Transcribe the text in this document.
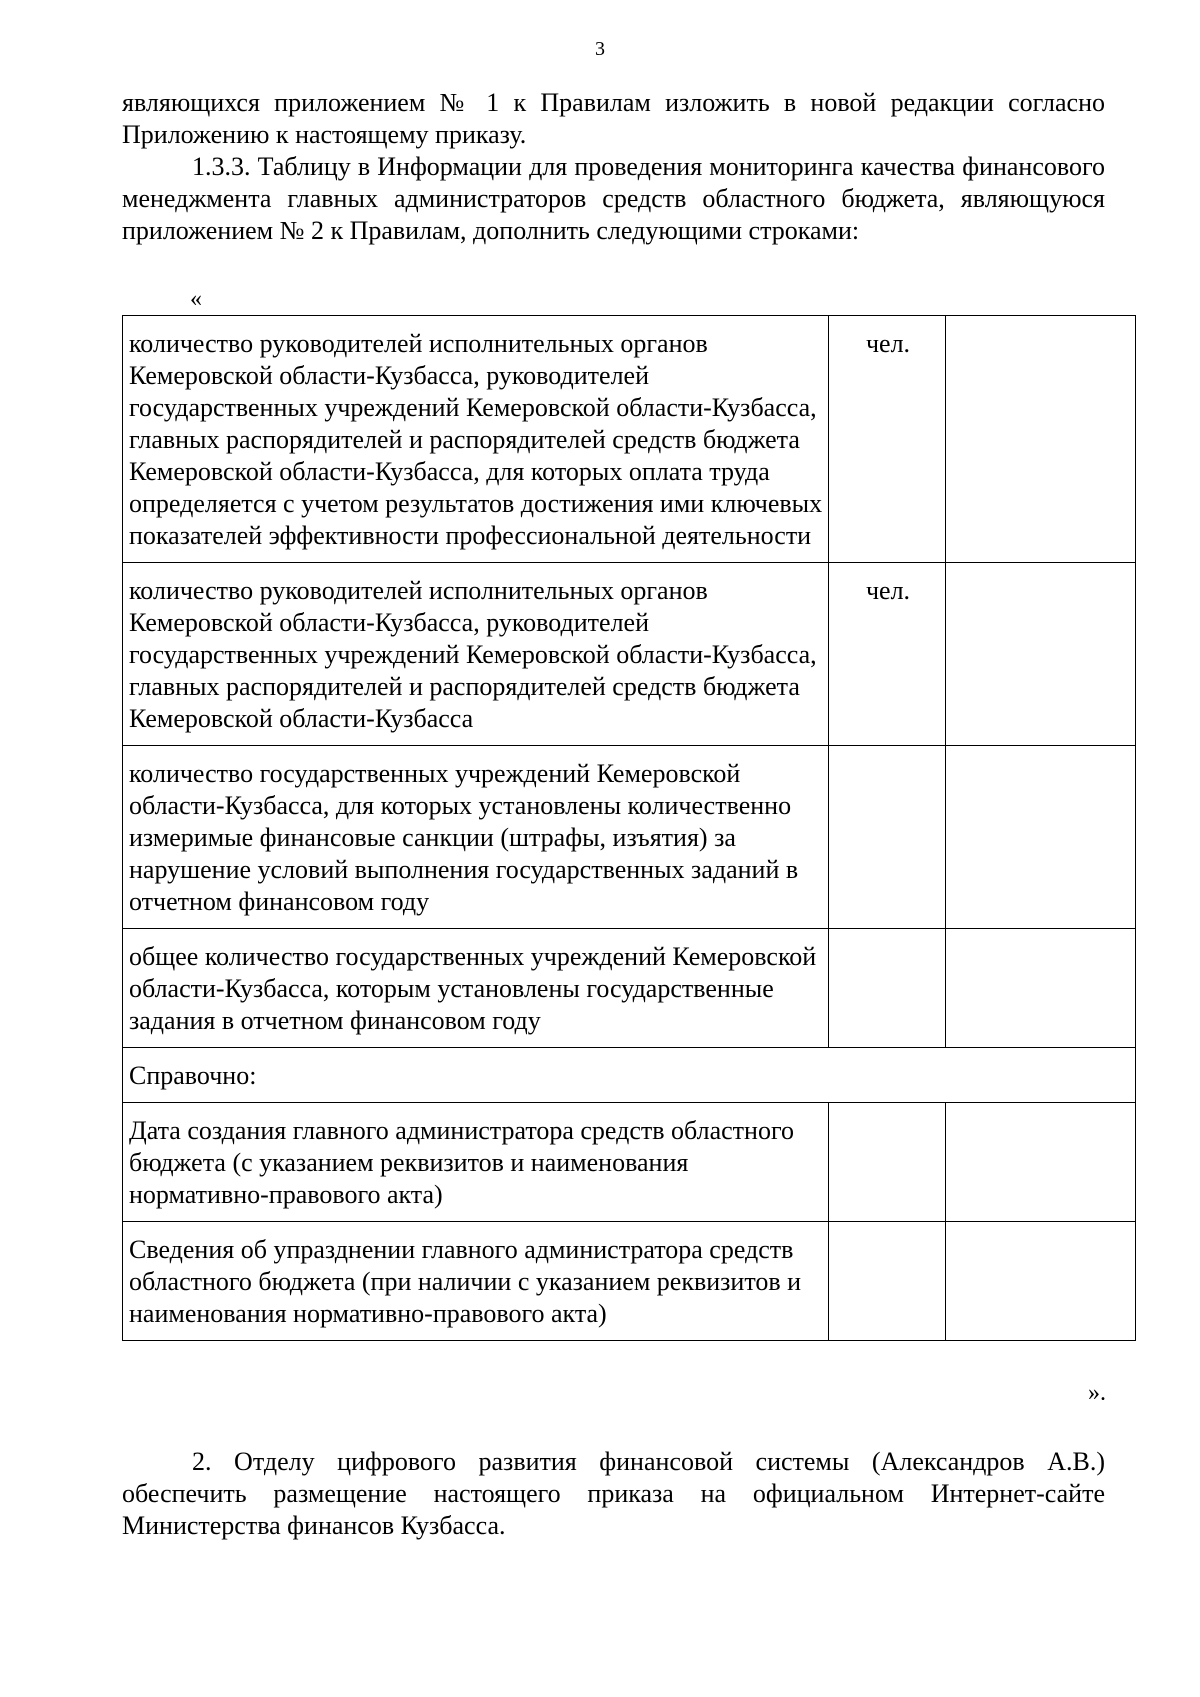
3

являющихся приложением № 1 к Правилам изложить в новой редакции согласно Приложению к настоящему приказу.

1.3.3. Таблицу в Информации для проведения мониторинга качества финансового менеджмента главных администраторов средств областного бюджета, являющуюся приложением № 2 к Правилам, дополнить следующими строками:

«
количество руководителей исполнительных органов Кемеровской области-Кузбасса, руководителей государственных учреждений Кемеровской области-Кузбасса, главных распорядителей и распорядителей средств бюджета Кемеровской области-Кузбасса, для которых оплата труда определяется с учетом результатов достижения ими ключевых показателей эффективности профессиональной деятельности	чел.	
количество руководителей исполнительных органов Кемеровской области-Кузбасса, руководителей государственных учреждений Кемеровской области-Кузбасса, главных распорядителей и распорядителей средств бюджета Кемеровской области-Кузбасса	чел.	
количество государственных учреждений Кемеровской области-Кузбасса, для которых установлены количественно измеримые финансовые санкции (штрафы, изъятия) за нарушение условий выполнения государственных заданий в отчетном финансовом году		
общее количество государственных учреждений Кемеровской области-Кузбасса, которым установлены государственные задания в отчетном финансовом году		
Справочно:		
Дата создания главного администратора средств областного бюджета (с указанием реквизитов и наименования нормативно-правового акта)		
Сведения об упразднении главного администратора средств областного бюджета (при наличии с указанием реквизитов и наименования нормативно-правового акта)		
».

2. Отделу цифрового развития финансовой системы (Александров А.В.) обеспечить размещение настоящего приказа на официальном Интернет-сайте Министерства финансов Кузбасса.
